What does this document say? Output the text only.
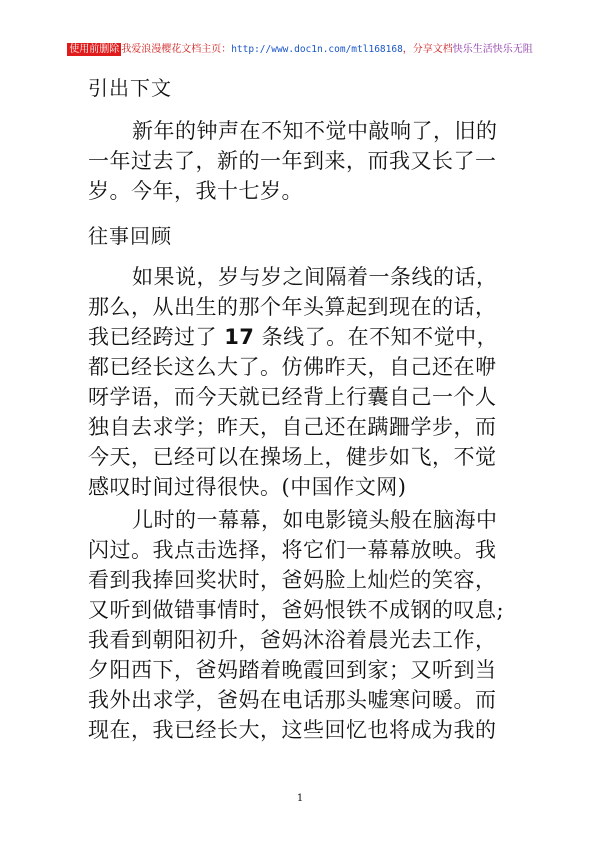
使用前删除 我爱浪漫樱花文档主页：http://www.doc1n.com/mtl168168，分享文档快乐生活快乐无阻

引出下文

新年的钟声在不知不觉中敲响了，旧的
一年过去了，新的一年到来，而我又长了一
岁。今年，我十七岁。

往事回顾

如果说，岁与岁之间隔着一条线的话，
那么，从出生的那个年头算起到现在的话，
我已经跨过了 17 条线了。在不知不觉中，
都已经长这么大了。仿佛昨天，自己还在咿
呀学语，而今天就已经背上行囊自己一个人
独自去求学；昨天，自己还在蹒跚学步，而
今天，已经可以在操场上，健步如飞，不觉
感叹时间过得很快。(中国作文网)

儿时的一幕幕，如电影镜头般在脑海中
闪过。我点击选择，将它们一幕幕放映。我
看到我捧回奖状时，爸妈脸上灿烂的笑容，
又听到做错事情时，爸妈恨铁不成钢的叹息;
我看到朝阳初升，爸妈沐浴着晨光去工作，
夕阳西下，爸妈踏着晚霞回到家；又听到当
我外出求学，爸妈在电话那头嘘寒问暖。而
现在，我已经长大，这些回忆也将成为我的

1
